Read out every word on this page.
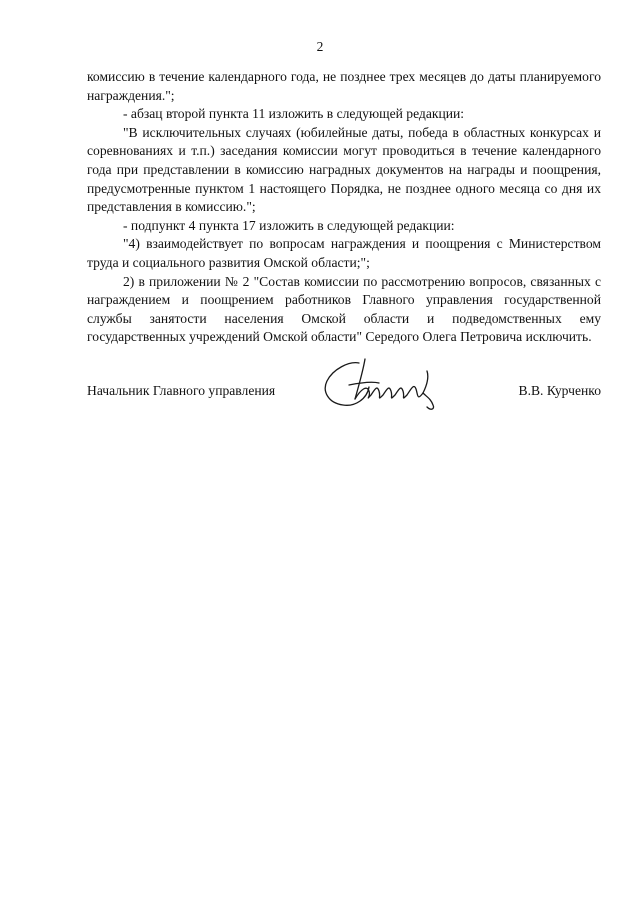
2

комиссию в течение календарного года, не позднее трех месяцев до даты планируемого награждения.";

- абзац второй пункта 11 изложить в следующей редакции:

"В исключительных случаях (юбилейные даты, победа в областных конкурсах и соревнованиях и т.п.) заседания комиссии могут проводиться в течение календарного года при представлении в комиссию наградных документов на награды и поощрения, предусмотренные пунктом 1 настоящего Порядка, не позднее одного месяца со дня их представления в комиссию.";

- подпункт 4 пункта 17 изложить в следующей редакции:

"4) взаимодействует по вопросам награждения и поощрения с Министерством труда и социального развития Омской области;";

2) в приложении № 2 "Состав комиссии по рассмотрению вопросов, связанных с награждением и поощрением работников Главного управления государственной службы занятости населения Омской области и подведомственных ему государственных учреждений Омской области" Середого Олега Петровича исключить.

Начальник Главного управления	В.В. Курченко
